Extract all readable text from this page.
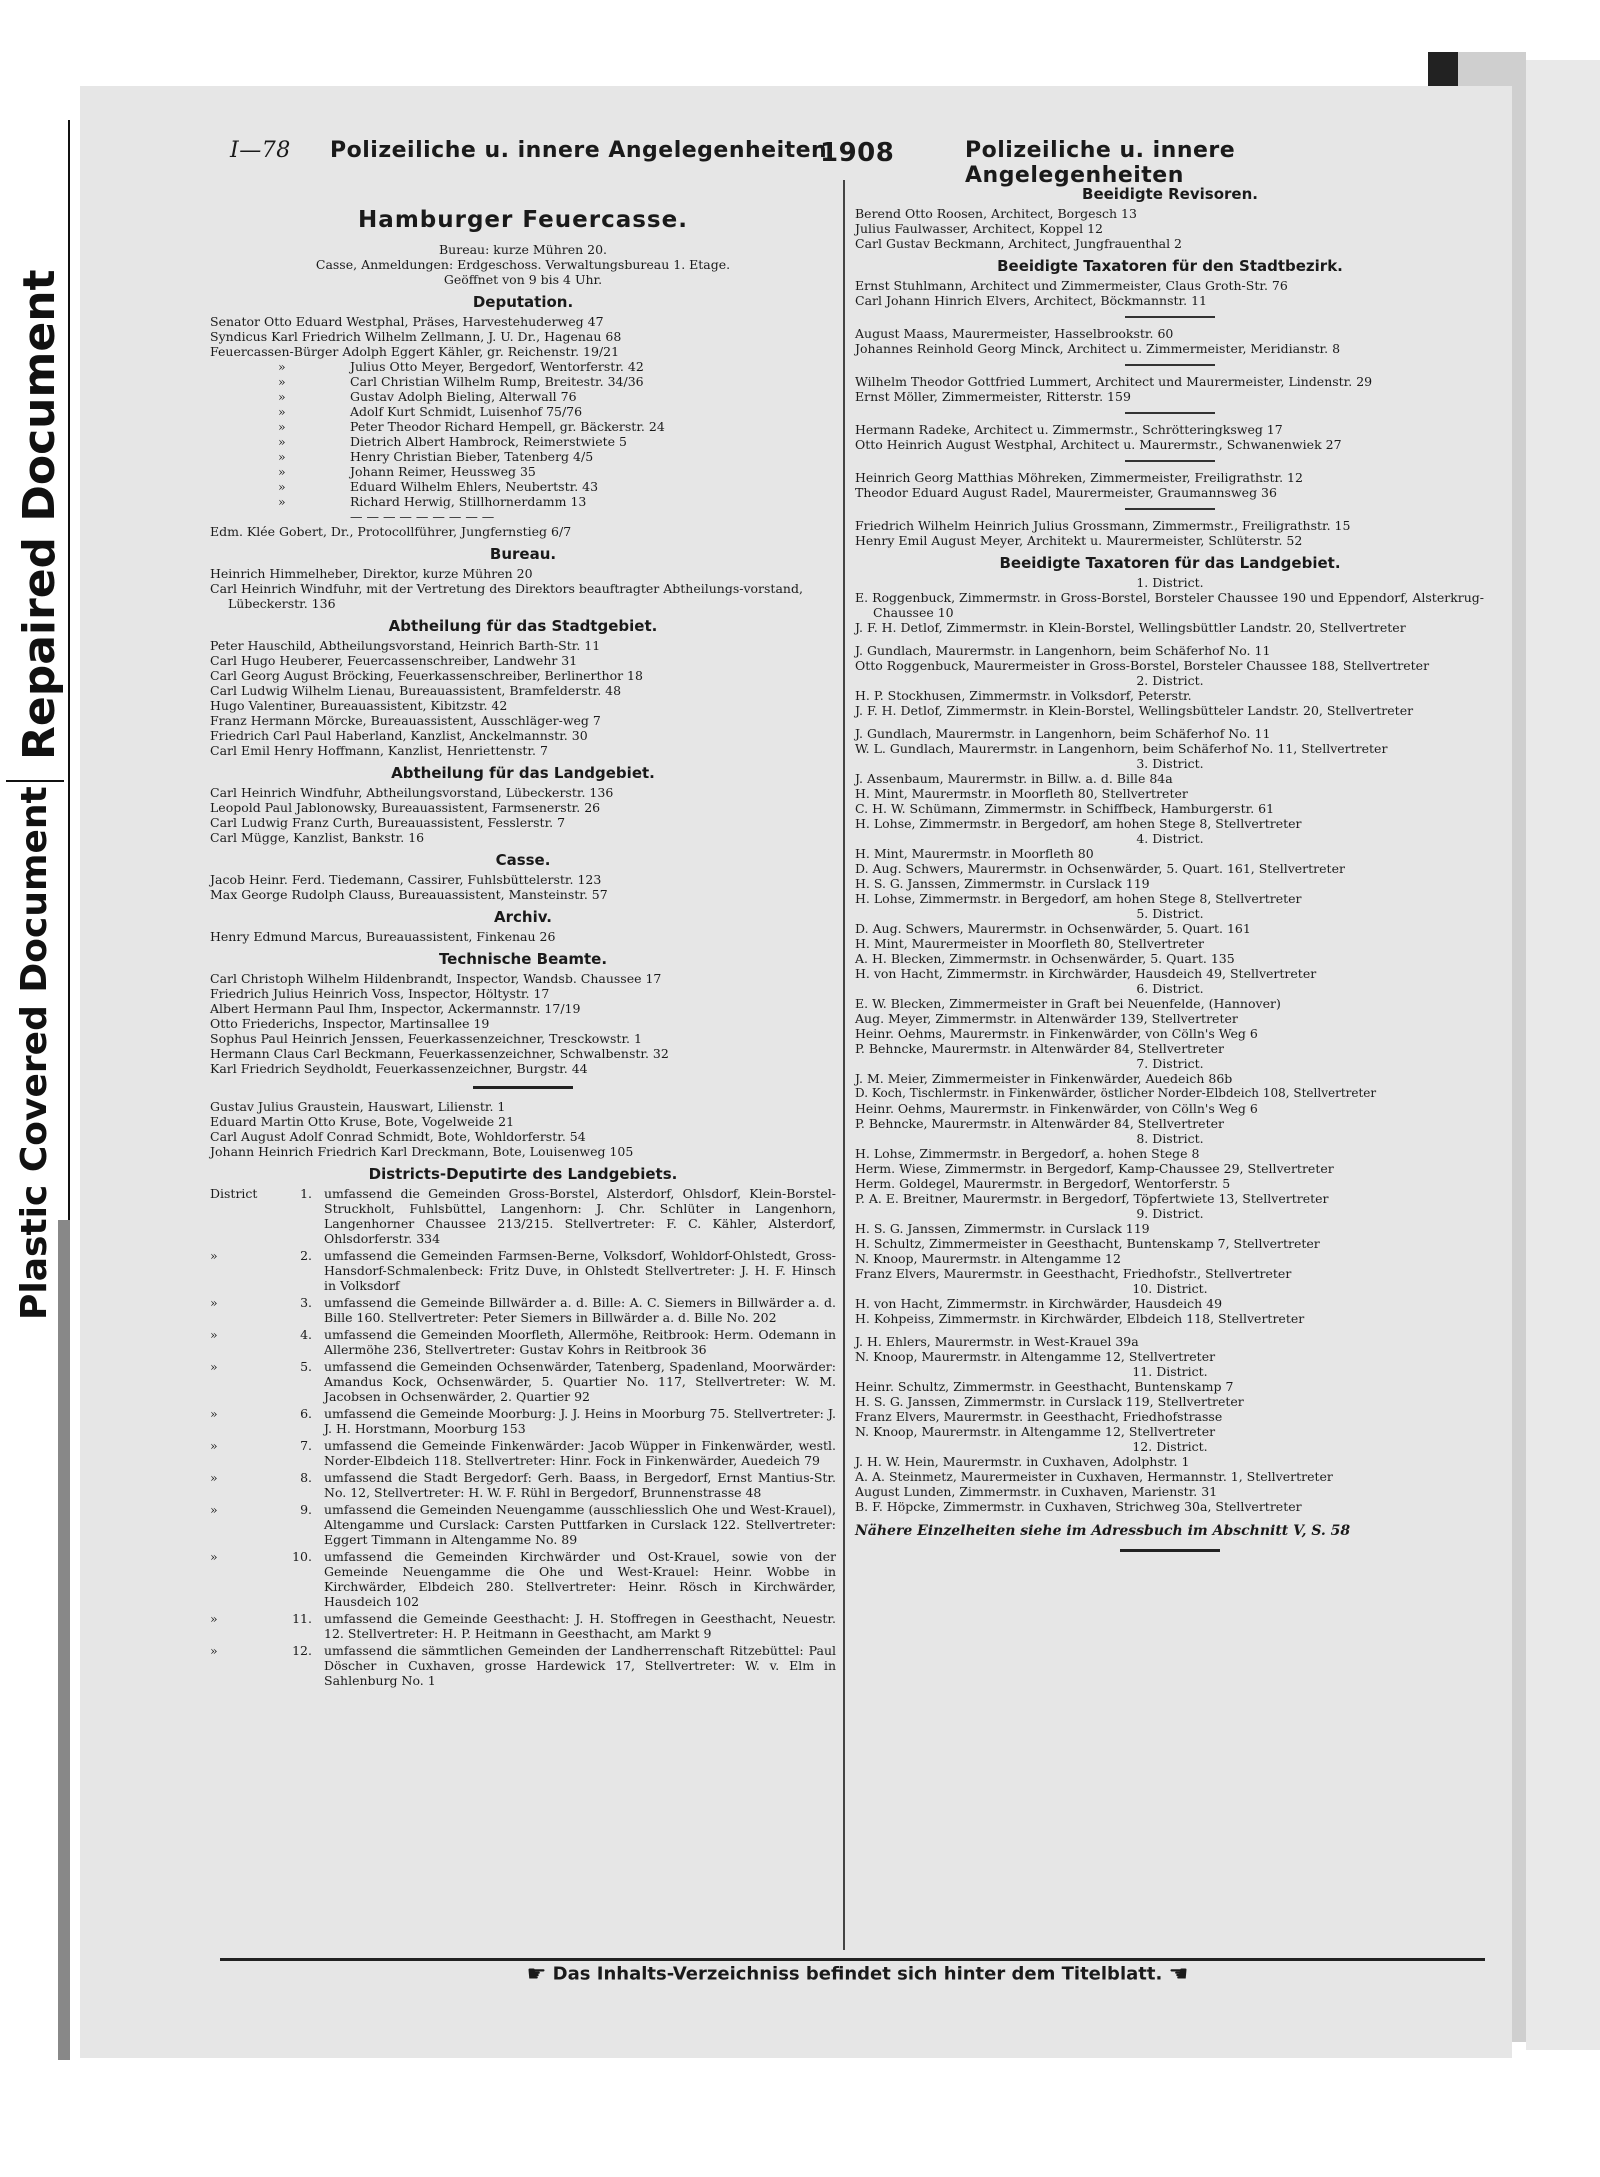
Repaired Document
Plastic Covered Document
I—78 Polizeiliche u. innere Angelegenheiten
1908	Polizeiliche u. innere Angelegenheiten
Hamburger Feuercasse.
Bureau: kurze Mühren 20.
Casse, Anmeldungen: Erdgeschoss. Verwaltungsbureau 1. Etage.
Geöffnet von 9 bis 4 Uhr.
Deputation.
Senator Otto Eduard Westphal, Präses, Harvestehuderweg 47
Syndicus Karl Friedrich Wilhelm Zellmann, J. U. Dr., Hagenau 68
Feuercassen-Bürger Adolph Eggert Kähler, gr. Reichenstr. 19/21
»	Julius Otto Meyer, Bergedorf, Wentorferstr. 42
»	Carl Christian Wilhelm Rump, Breitestr. 34/36
»	Gustav Adolph Bieling, Alterwall 76
»	Adolf Kurt Schmidt, Luisenhof 75/76
»	Peter Theodor Richard Hempell, gr. Bäckerstr. 24
»	Dietrich Albert Hambrock, Reimerstwiete 5
»	Henry Christian Bieber, Tatenberg 4/5
»	Johann Reimer, Heussweg 35
»	Eduard Wilhelm Ehlers, Neubertstr. 43
»	Richard Herwig, Stillhornerdamm 13
— — — — — — — — —
Edm. Klée Gobert, Dr., Protocollführer, Jungfernstieg 6/7
Bureau.
Heinrich Himmelheber, Direktor, kurze Mühren 20
Carl Heinrich Windfuhr, mit der Vertretung des Direktors beauftragter Abtheilungs-vorstand, Lübeckerstr. 136
Abtheilung für das Stadtgebiet.
Peter Hauschild, Abtheilungsvorstand, Heinrich Barth-Str. 11
Carl Hugo Heuberer, Feuercassenschreiber, Landwehr 31
Carl Georg August Bröcking, Feuerkassenschreiber, Berlinerthor 18
Carl Ludwig Wilhelm Lienau, Bureauassistent, Bramfelderstr. 48
Hugo Valentiner, Bureauassistent, Kibitzstr. 42
Franz Hermann Mörcke, Bureauassistent, Ausschläger-weg 7
Friedrich Carl Paul Haberland, Kanzlist, Anckelmannstr. 30
Carl Emil Henry Hoffmann, Kanzlist, Henriettenstr. 7
Abtheilung für das Landgebiet.
Carl Heinrich Windfuhr, Abtheilungsvorstand, Lübeckerstr. 136
Leopold Paul Jablonowsky, Bureauassistent, Farmsenerstr. 26
Carl Ludwig Franz Curth, Bureauassistent, Fesslerstr. 7
Carl Mügge, Kanzlist, Bankstr. 16
Casse.
Jacob Heinr. Ferd. Tiedemann, Cassirer, Fuhlsbüttelerstr. 123
Max George Rudolph Clauss, Bureauassistent, Mansteinstr. 57
Archiv.
Henry Edmund Marcus, Bureauassistent, Finkenau 26
Technische Beamte.
Carl Christoph Wilhelm Hildenbrandt, Inspector, Wandsb. Chaussee 17
Friedrich Julius Heinrich Voss, Inspector, Höltystr. 17
Albert Hermann Paul Ihm, Inspector, Ackermannstr. 17/19
Otto Friederichs, Inspector, Martinsallee 19
Sophus Paul Heinrich Jenssen, Feuerkassenzeichner, Tresckowstr. 1
Hermann Claus Carl Beckmann, Feuerkassenzeichner, Schwalbenstr. 32
Karl Friedrich Seydholdt, Feuerkassenzeichner, Burgstr. 44
Gustav Julius Graustein, Hauswart, Lilienstr. 1
Eduard Martin Otto Kruse, Bote, Vogelweide 21
Carl August Adolf Conrad Schmidt, Bote, Wohldorferstr. 54
Johann Heinrich Friedrich Karl Dreckmann, Bote, Louisenweg 105
Districts-Deputirte des Landgebiets.
District	1. umfassend die Gemeinden Gross-Borstel, Alsterdorf, Ohlsdorf, Klein-Borstel-Struckholt, Fuhlsbüttel, Langenhorn: J. Chr. Schlüter in Langenhorn, Langenhorner Chaussee 213/215. Stellvertreter: F. C. Kähler, Alsterdorf, Ohlsdorferstr. 334
»	2. umfassend die Gemeinden Farmsen-Berne, Volksdorf, Wohldorf-Ohlstedt, Gross-Hansdorf-Schmalenbeck: Fritz Duve, in Ohlstedt Stellvertreter: J. H. F. Hinsch in Volksdorf
»	3. umfassend die Gemeinde Billwärder a. d. Bille: A. C. Siemers in Billwärder a. d. Bille 160. Stellvertreter: Peter Siemers in Billwärder a. d. Bille No. 202
»	4. umfassend die Gemeinden Moorfleth, Allermöhe, Reitbrook: Herm. Odemann in Allermöhe 236, Stellvertreter: Gustav Kohrs in Reitbrook 36
»	5. umfassend die Gemeinden Ochsenwärder, Tatenberg, Spadenland, Moorwärder: Amandus Kock, Ochsenwärder, 5. Quartier No. 117, Stellvertreter: W. M. Jacobsen in Ochsenwärder, 2. Quartier 92
»	6. umfassend die Gemeinde Moorburg: J. J. Heins in Moorburg 75. Stellvertreter: J. J. H. Horstmann, Moorburg 153
»	7. umfassend die Gemeinde Finkenwärder: Jacob Wüpper in Finkenwärder, westl. Norder-Elbdeich 118. Stellvertreter: Hinr. Fock in Finkenwärder, Auedeich 79
»	8. umfassend die Stadt Bergedorf: Gerh. Baass, in Bergedorf, Ernst Mantius-Str. No. 12, Stellvertreter: H. W. F. Rühl in Bergedorf, Brunnenstrasse 48
»	9. umfassend die Gemeinden Neuengamme (ausschliesslich Ohe und West-Krauel), Altengamme und Curslack: Carsten Puttfarken in Curslack 122. Stellvertreter: Eggert Timmann in Altengamme No. 89
»	10. umfassend die Gemeinden Kirchwärder und Ost-Krauel, sowie von der Gemeinde Neuengamme die Ohe und West-Krauel: Heinr. Wobbe in Kirchwärder, Elbdeich 280. Stellvertreter: Heinr. Rösch in Kirchwärder, Hausdeich 102
»	11. umfassend die Gemeinde Geesthacht: J. H. Stoffregen in Geesthacht, Neuestr. 12. Stellvertreter: H. P. Heitmann in Geesthacht, am Markt 9
»	12. umfassend die sämmtlichen Gemeinden der Landherrenschaft Ritzebüttel: Paul Döscher in Cuxhaven, grosse Hardewick 17, Stellvertreter: W. v. Elm in Sahlenburg No. 1
Beeidigte Revisoren.
Berend Otto Roosen, Architect, Borgesch 13
Julius Faulwasser, Architect, Koppel 12
Carl Gustav Beckmann, Architect, Jungfrauenthal 2
Beeidigte Taxatoren für den Stadtbezirk.
Ernst Stuhlmann, Architect und Zimmermeister, Claus Groth-Str. 76
Carl Johann Hinrich Elvers, Architect, Böckmannstr. 11
August Maass, Maurermeister, Hasselbrookstr. 60
Johannes Reinhold Georg Minck, Architect u. Zimmermeister, Meridianstr. 8
Wilhelm Theodor Gottfried Lummert, Architect und Maurermeister, Lindenstr. 29
Ernst Möller, Zimmermeister, Ritterstr. 159
Hermann Radeke, Architect u. Zimmermstr., Schrötteringksweg 17
Otto Heinrich August Westphal, Architect u. Maurermstr., Schwanenwiek 27
Heinrich Georg Matthias Möhreken, Zimmermeister, Freiligrathstr. 12
Theodor Eduard August Radel, Maurermeister, Graumannsweg 36
Friedrich Wilhelm Heinrich Julius Grossmann, Zimmermstr., Freiligrathstr. 15
Henry Emil August Meyer, Architekt u. Maurermeister, Schlüterstr. 52
Beeidigte Taxatoren für das Landgebiet.
1. District.
E. Roggenbuck, Zimmermstr. in Gross-Borstel, Borsteler Chaussee 190 und Eppendorf, Alsterkrug-Chaussee 10
J. F. H. Detlof, Zimmermstr. in Klein-Borstel, Wellingsbüttler Landstr. 20, Stellvertreter
J. Gundlach, Maurermstr. in Langenhorn, beim Schäferhof No. 11
Otto Roggenbuck, Maurermeister in Gross-Borstel, Borsteler Chaussee 188, Stellvertreter
2. District.
H. P. Stockhusen, Zimmermstr. in Volksdorf, Peterstr.
J. F. H. Detlof, Zimmermstr. in Klein-Borstel, Wellingsbütteler Landstr. 20, Stellvertreter
J. Gundlach, Maurermstr. in Langenhorn, beim Schäferhof No. 11
W. L. Gundlach, Maurermstr. in Langenhorn, beim Schäferhof No. 11, Stellvertreter
3. District.
J. Assenbaum, Maurermstr. in Billw. a. d. Bille 84a
H. Mint, Maurermstr. in Moorfleth 80, Stellvertreter
C. H. W. Schümann, Zimmermstr. in Schiffbeck, Hamburgerstr. 61
H. Lohse, Zimmermstr. in Bergedorf, am hohen Stege 8, Stellvertreter
4. District.
H. Mint, Maurermstr. in Moorfleth 80
D. Aug. Schwers, Maurermstr. in Ochsenwärder, 5. Quart. 161, Stellvertreter
H. S. G. Janssen, Zimmermstr. in Curslack 119
H. Lohse, Zimmermstr. in Bergedorf, am hohen Stege 8, Stellvertreter
5. District.
D. Aug. Schwers, Maurermstr. in Ochsenwärder, 5. Quart. 161
H. Mint, Maurermeister in Moorfleth 80, Stellvertreter
A. H. Blecken, Zimmermstr. in Ochsenwärder, 5. Quart. 135
H. von Hacht, Zimmermstr. in Kirchwärder, Hausdeich 49, Stellvertreter
6. District.
E. W. Blecken, Zimmermeister in Graft bei Neuenfelde, (Hannover)
Aug. Meyer, Zimmermstr. in Altenwärder 139, Stellvertreter
Heinr. Oehms, Maurermstr. in Finkenwärder, von Cölln's Weg 6
P. Behncke, Maurermstr. in Altenwärder 84, Stellvertreter
7. District.
J. M. Meier, Zimmermeister in Finkenwärder, Auedeich 86b
D. Koch, Tischlermstr. in Finkenwärder, östlicher Norder-Elbdeich 108, Stellvertreter
Heinr. Oehms, Maurermstr. in Finkenwärder, von Cölln's Weg 6
P. Behncke, Maurermstr. in Altenwärder 84, Stellvertreter
8. District.
H. Lohse, Zimmermstr. in Bergedorf, a. hohen Stege 8
Herm. Wiese, Zimmermstr. in Bergedorf, Kamp-Chaussee 29, Stellvertreter
Herm. Goldegel, Maurermstr. in Bergedorf, Wentorferstr. 5
P. A. E. Breitner, Maurermstr. in Bergedorf, Töpfertwiete 13, Stellvertreter
9. District.
H. S. G. Janssen, Zimmermstr. in Curslack 119
H. Schultz, Zimmermeister in Geesthacht, Buntenskamp 7, Stellvertreter
N. Knoop, Maurermstr. in Altengamme 12
Franz Elvers, Maurermstr. in Geesthacht, Friedhofstr., Stellvertreter
10. District.
H. von Hacht, Zimmermstr. in Kirchwärder, Hausdeich 49
H. Kohpeiss, Zimmermstr. in Kirchwärder, Elbdeich 118, Stellvertreter
J. H. Ehlers, Maurermstr. in West-Krauel 39a
N. Knoop, Maurermstr. in Altengamme 12, Stellvertreter
11. District.
Heinr. Schultz, Zimmermstr. in Geesthacht, Buntenskamp 7
H. S. G. Janssen, Zimmermstr. in Curslack 119, Stellvertreter
Franz Elvers, Maurermstr. in Geesthacht, Friedhofstrasse
N. Knoop, Maurermstr. in Altengamme 12, Stellvertreter
12. District.
J. H. W. Hein, Maurermstr. in Cuxhaven, Adolphstr. 1
A. A. Steinmetz, Maurermeister in Cuxhaven, Hermannstr. 1, Stellvertreter
August Lunden, Zimmermstr. in Cuxhaven, Marienstr. 31
B. F. Höpcke, Zimmermstr. in Cuxhaven, Strichweg 30a, Stellvertreter
Nähere Einzelheiten siehe im Adressbuch im Abschnitt V, S. 58
☛ Das Inhalts-Verzeichniss befindet sich hinter dem Titelblatt. ☚
